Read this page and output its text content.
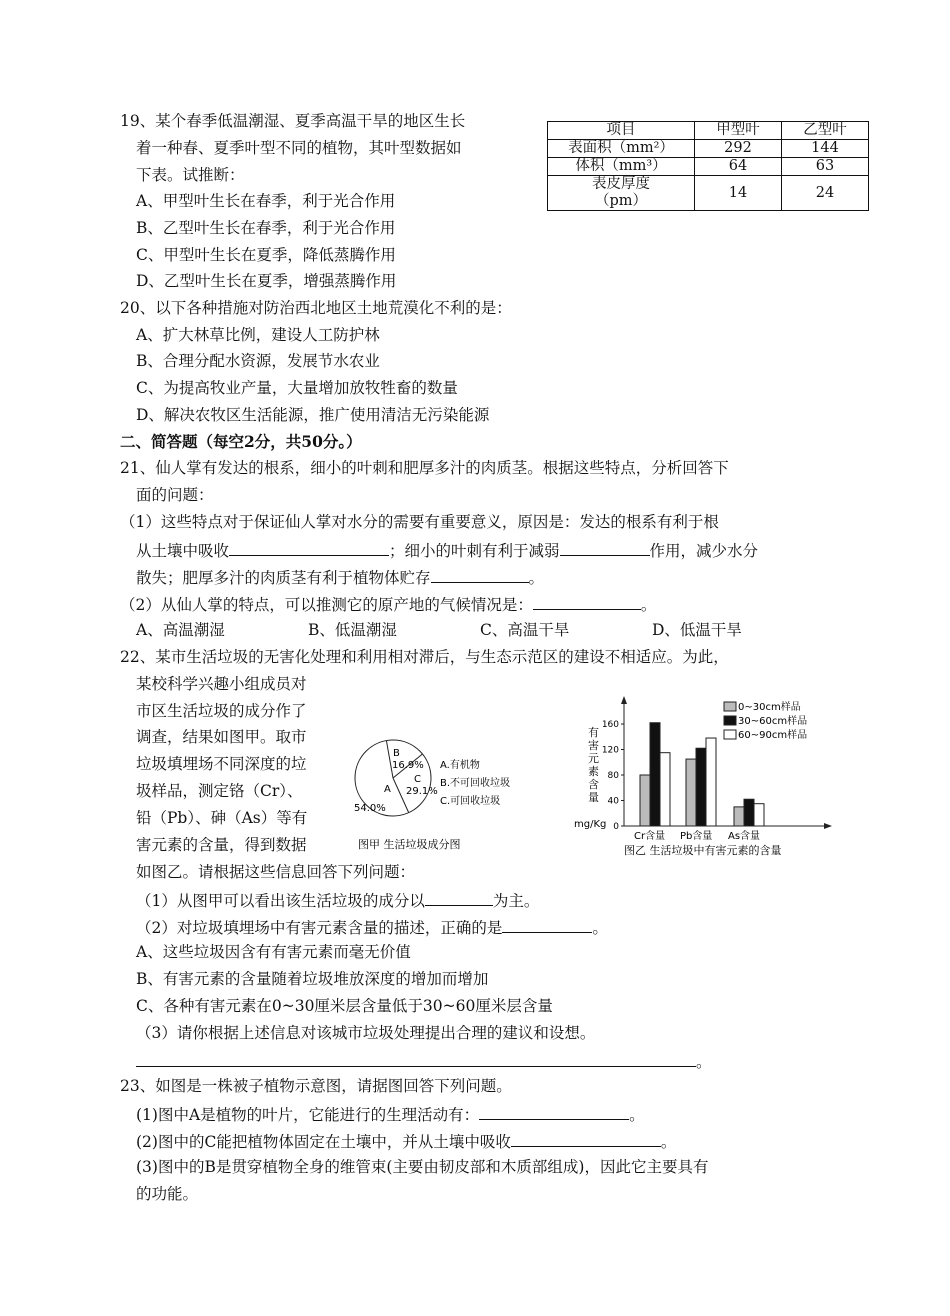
19、某个春季低温潮湿、夏季高温干旱的地区生长
着一种春、夏季叶型不同的植物，其叶型数据如
下表。试推断：
A、甲型叶生长在春季，利于光合作用
B、乙型叶生长在春季，利于光合作用
C、甲型叶生长在夏季，降低蒸腾作用
D、乙型叶生长在夏季，增强蒸腾作用
项目	甲型叶	乙型叶
表面积（mm²）	292	144
体积（mm³）	64	63
表皮厚度
（pm）	14	24
20、以下各种措施对防治西北地区土地荒漠化不利的是：
A、扩大林草比例，建设人工防护林
B、合理分配水资源，发展节水农业
C、为提高牧业产量，大量增加放牧牲畜的数量
D、解决农牧区生活能源，推广使用清洁无污染能源
二、简答题（每空2分，共50分。）
21、仙人掌有发达的根系，细小的叶刺和肥厚多汁的肉质茎。根据这些特点，分析回答下
面的问题：
（1）这些特点对于保证仙人掌对水分的需要有重要意义，原因是：发达的根系有利于根
从土壤中吸收	；细小的叶刺有利于减弱	作用，减少水分
散失；肥厚多汁的肉质茎有利于植物体贮存	。
（2）从仙人掌的特点，可以推测它的原产地的气候情况是：	。
A、高温潮湿	B、低温潮湿	C、高温干旱	D、低温干旱
22、某市生活垃圾的无害化处理和利用相对滞后，与生态示范区的建设不相适应。为此，
某校科学兴趣小组成员对
市区生活垃圾的成分作了
调查，结果如图甲。取市
垃圾填埋场不同深度的垃
圾样品，测定铬（Cr）、
铅（Pb）、砷（As）等有
害元素的含量，得到数据
如图乙。请根据这些信息回答下列问题：
A
54.0%
B
16.9%
C
29.1%
A.有机物
B.不可回收垃圾
C.可回收垃圾
图甲 生活垃圾成分图
有
害
元
素
含
量
mg/Kg 0
40
80
120
160
Cr含量 Pb含量 As含量
0~30cm样品
30~60cm样品
60~90cm样品
图乙 生活垃圾中有害元素的含量
（1）从图甲可以看出该生活垃圾的成分以	为主。
（2）对垃圾填埋场中有害元素含量的描述，正确的是	。
A、这些垃圾因含有有害元素而毫无价值
B、有害元素的含量随着垃圾堆放深度的增加而增加
C、各种有害元素在0~30厘米层含量低于30~60厘米层含量
（3）请你根据上述信息对该城市垃圾处理提出合理的建议和设想。
。
23、如图是一株被子植物示意图，请据图回答下列问题。
(1)图中A是植物的叶片，它能进行的生理活动有：	。
(2)图中的C能把植物体固定在土壤中，并从土壤中吸收	。
(3)图中的B是贯穿植物全身的维管束(主要由韧皮部和木质部组成)，因此它主要具有
的功能。
